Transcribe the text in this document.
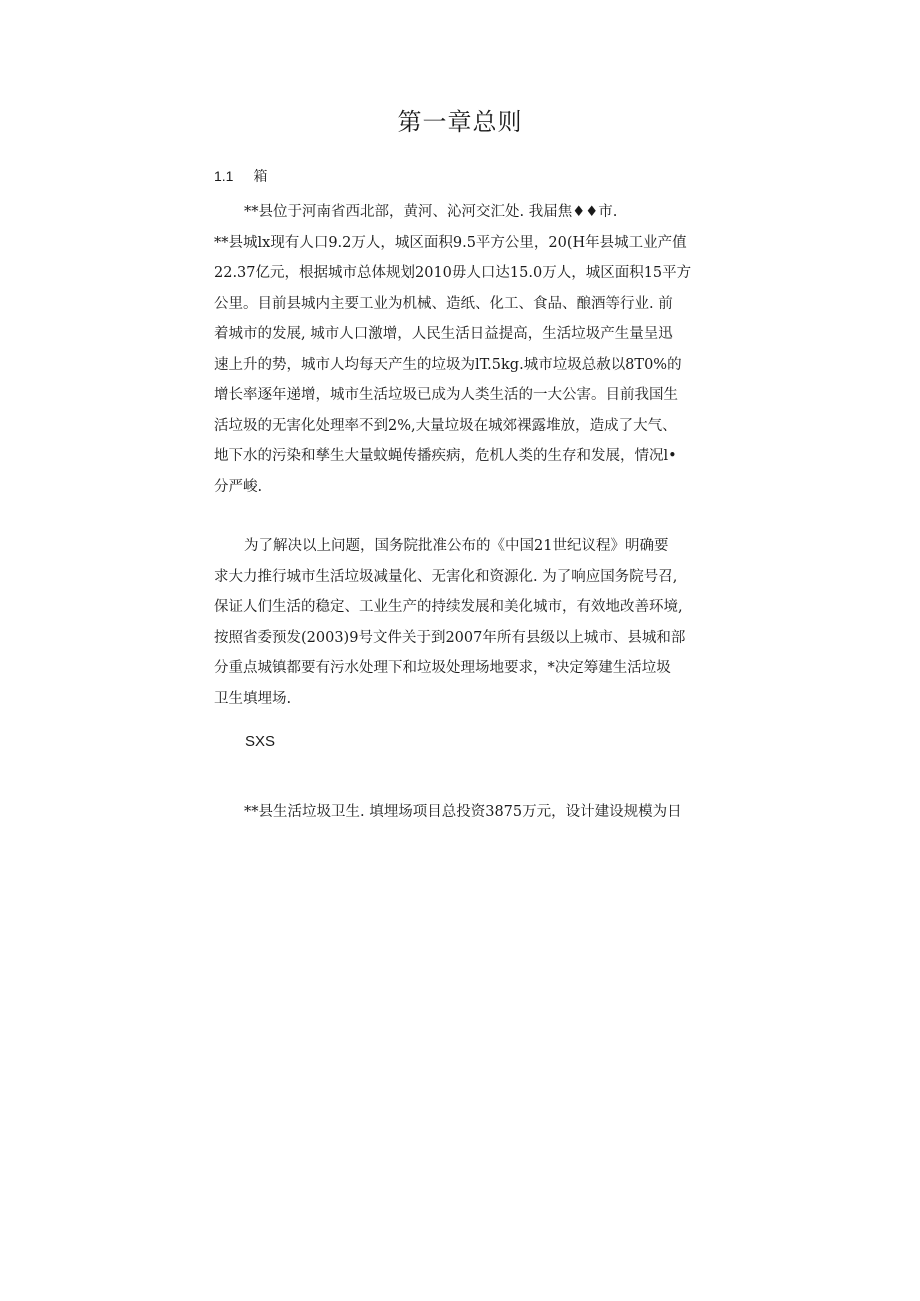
第一章总则
1.1 箱

**县位于河南省西北部，黄河、沁河交汇处. 我届焦♦♦市.
**县城lx现有人口9.2万人，城区面积9.5平方公里，20(H年县城工业产值
22.37亿元，根据城市总体规划2010毋人口达15.0万人，城区面积15平方
公里。目前县城内主要工业为机械、造纸、化工、食品、酿酒等行业. 前
着城市的发展, 城市人口激增，人民生活日益提高，生活垃圾产生量呈迅
速上升的势，城市人均每天产生的垃圾为lT.5kg.城市垃圾总赦以8T0%的
增长率逐年递增，城市生活垃圾已成为人类生活的一大公害。目前我国生
活垃圾的无害化处理率不到2%,大量垃圾在城郊裸露堆放，造成了大气、
地下水的污染和孳生大量蚊蝇传播疾病，危机人类的生存和发展，情况l•
分严峻.

为了解决以上问题，国务院批准公布的《中国21世纪议程》明确要
求大力推行城市生活垃圾减量化、无害化和资源化. 为了响应国务院号召,
保证人们生活的稳定、工业生产的持续发展和美化城市，有效地改善环境,
按照省委预发(2003)9号文件关于到2007年所有县级以上城市、县城和部
分重点城镇都要有污水处理下和垃圾处理场地要求，*决定筹建生活垃圾
卫生填埋场.

SXS

**县生活垃圾卫生. 填埋场项目总投资3875万元，设计建设规模为日
